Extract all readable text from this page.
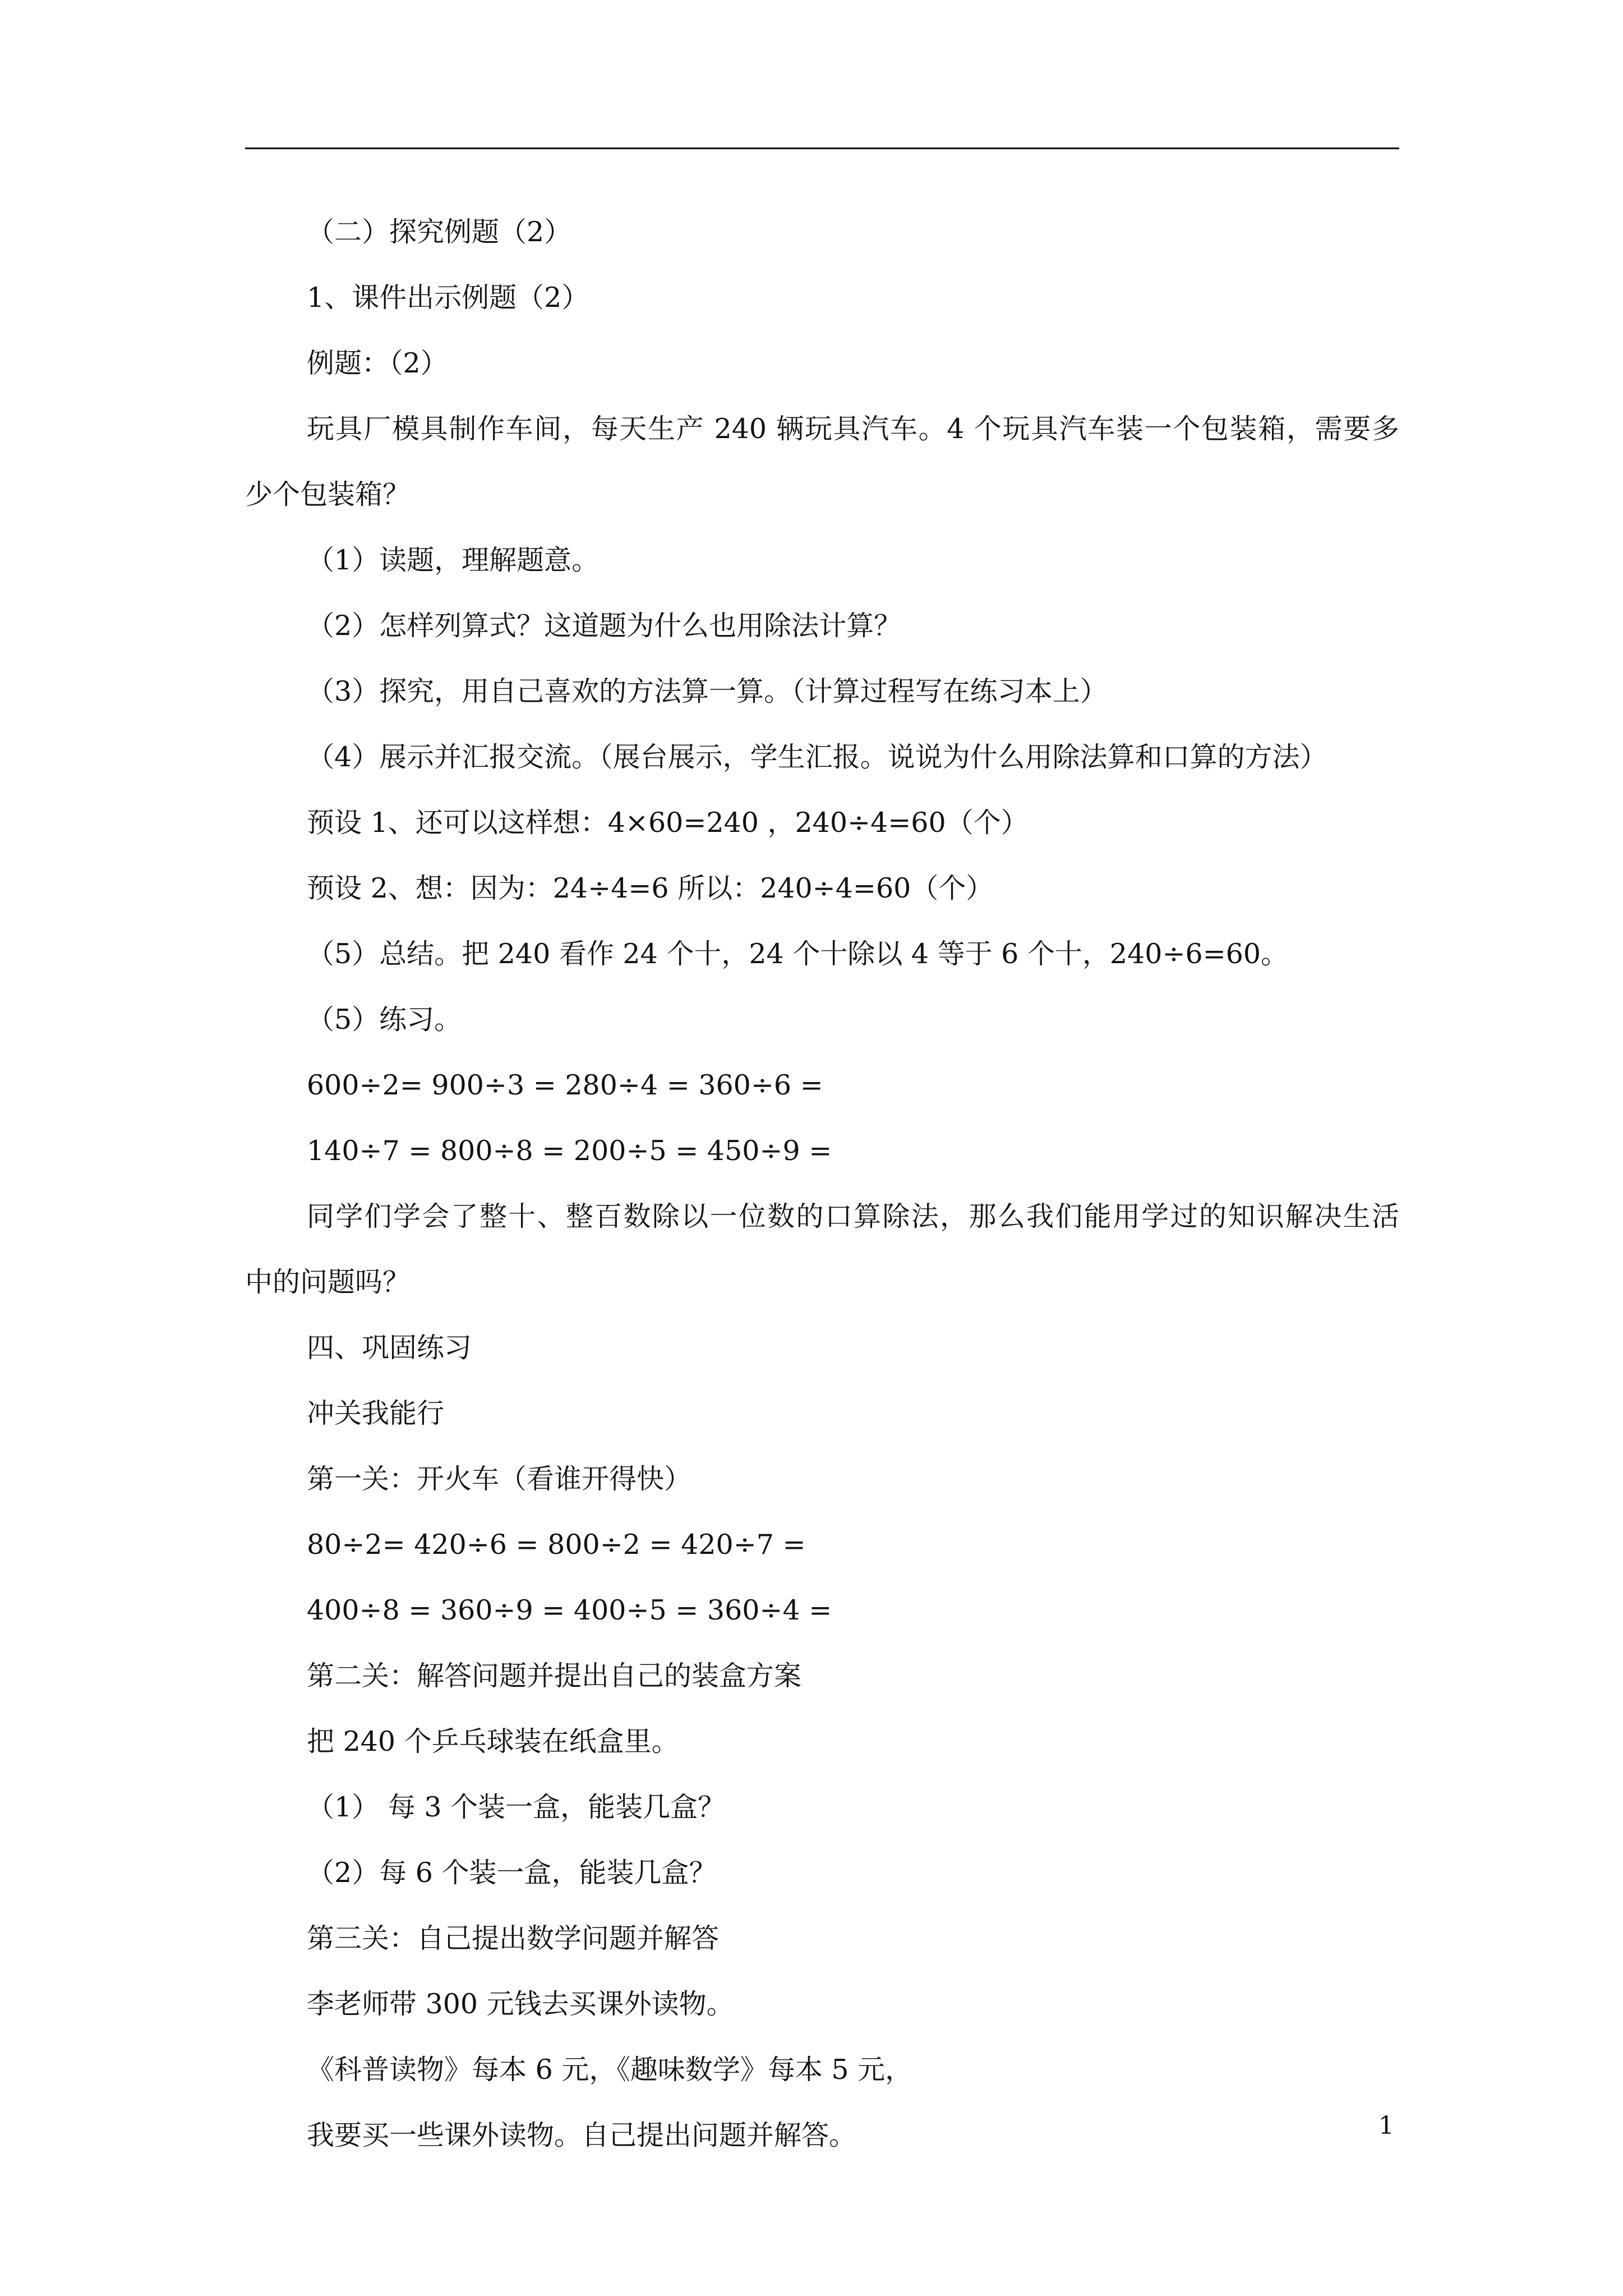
（二）探究例题（2）

1、课件出示例题（2）

例题：（2）

玩具厂模具制作车间，每天生产 240 辆玩具汽车。4 个玩具汽车装一个包装箱，需要多

少个包装箱？

（1）读题，理解题意。

（2）怎样列算式？这道题为什么也用除法计算？

（3）探究，用自己喜欢的方法算一算。（计算过程写在练习本上）

（4）展示并汇报交流。（展台展示，学生汇报。说说为什么用除法算和口算的方法）

预设 1、还可以这样想：4×60=240 ，240÷4=60（个）

预设 2、想：因为：24÷4=6 所以：240÷4=60（个）

（5）总结。把 240 看作 24 个十，24 个十除以 4 等于 6 个十，240÷6=60。

（5）练习。

600÷2= 900÷3 = 280÷4 = 360÷6 =

140÷7 = 800÷8 = 200÷5 = 450÷9 =

同学们学会了整十、整百数除以一位数的口算除法，那么我们能用学过的知识解决生活

中的问题吗？

四、巩固练习

冲关我能行

第一关：开火车（看谁开得快）

80÷2= 420÷6 = 800÷2 = 420÷7 =

400÷8 = 360÷9 = 400÷5 = 360÷4 =

第二关：解答问题并提出自己的装盒方案

把 240 个乒乓球装在纸盒里。

（1） 每 3 个装一盒，能装几盒？

（2）每 6 个装一盒，能装几盒？

第三关：自己提出数学问题并解答

李老师带 300 元钱去买课外读物。

《科普读物》每本 6 元，《趣味数学》每本 5 元，

我要买一些课外读物。自己提出问题并解答。	1
